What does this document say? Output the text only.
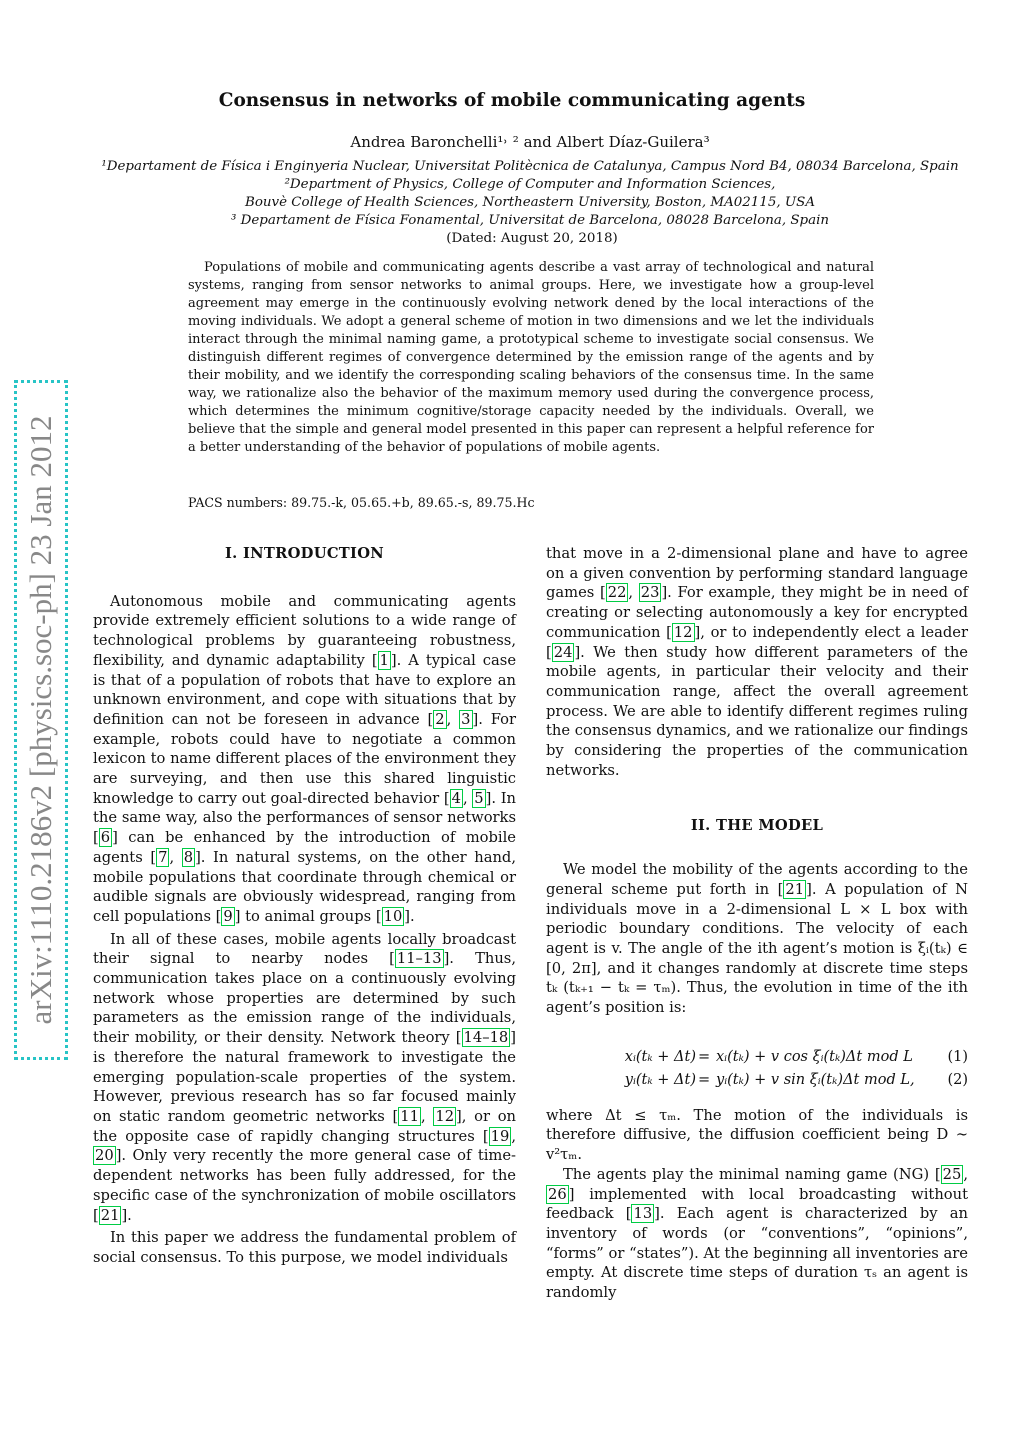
arXiv:1110.2186v2 [physics.soc-ph] 23 Jan 2012
Consensus in networks of mobile communicating agents
Andrea Baronchelli¹˒ ² and Albert Díaz-Guilera³
¹Departament de Física i Enginyeria Nuclear, Universitat Politècnica de Catalunya, Campus Nord B4, 08034 Barcelona, Spain
²Department of Physics, College of Computer and Information Sciences,
Bouvè College of Health Sciences, Northeastern University, Boston, MA02115, USA
³ Departament de Física Fonamental, Universitat de Barcelona, 08028 Barcelona, Spain
(Dated: August 20, 2018)
Populations of mobile and communicating agents describe a vast array of technological and natural systems, ranging from sensor networks to animal groups. Here, we investigate how a group-level agreement may emerge in the continuously evolving network dened by the local interactions of the moving individuals. We adopt a general scheme of motion in two dimensions and we let the individuals interact through the minimal naming game, a prototypical scheme to investigate social consensus. We distinguish different regimes of convergence determined by the emission range of the agents and by their mobility, and we identify the corresponding scaling behaviors of the consensus time. In the same way, we rationalize also the behavior of the maximum memory used during the convergence process, which determines the minimum cognitive/storage capacity needed by the individuals. Overall, we believe that the simple and general model presented in this paper can represent a helpful reference for a better understanding of the behavior of populations of mobile agents.
PACS numbers: 89.75.-k, 05.65.+b, 89.65.-s, 89.75.Hc
I. INTRODUCTION

Autonomous mobile and communicating agents provide extremely efficient solutions to a wide range of technological problems by guaranteeing robustness, flexibility, and dynamic adaptability [ 1 ]. A typical case is that of a population of robots that have to explore an unknown environment, and cope with situations that by definition can not be foreseen in advance [ 2 , 3 ]. For example, robots could have to negotiate a common lexicon to name different places of the environment they are surveying, and then use this shared linguistic knowledge to carry out goal-directed behavior [ 4 , 5 ]. In the same way, also the performances of sensor networks [ 6 ] can be enhanced by the introduction of mobile agents [ 7 , 8 ]. In natural systems, on the other hand, mobile populations that coordinate through chemical or audible signals are obviously widespread, ranging from cell populations [ 9 ] to animal groups [ 10 ].

In all of these cases, mobile agents locally broadcast their signal to nearby nodes [ 11–13 ]. Thus, communication takes place on a continuously evolving network whose properties are determined by such parameters as the emission range of the individuals, their mobility, or their density. Network theory [ 14–18 ] is therefore the natural framework to investigate the emerging population-scale properties of the system. However, previous research has so far focused mainly on static random geometric networks [ 11 , 12 ], or on the opposite case of rapidly changing structures [ 19 , 20 ]. Only very recently the more general case of time-dependent networks has been fully addressed, for the specific case of the synchronization of mobile oscillators [ 21 ].

In this paper we address the fundamental problem of social consensus. To this purpose, we model individuals

that move in a 2-dimensional plane and have to agree on a given convention by performing standard language games [ 22 , 23 ]. For example, they might be in need of creating or selecting autonomously a key for encrypted communication [ 12 ], or to independently elect a leader [ 24 ]. We then study how different parameters of the mobile agents, in particular their velocity and their communication range, affect the overall agreement process. We are able to identify different regimes ruling the consensus dynamics, and we rationalize our findings by considering the properties of the communication networks.

II. THE MODEL

We model the mobility of the agents according to the general scheme put forth in [ 21 ]. A population of N individuals move in a 2-dimensional L × L box with periodic boundary conditions. The velocity of each agent is v. The angle of the ith agent’s motion is ξᵢ(tₖ) ∈ [0, 2π], and it changes randomly at discrete time steps tₖ (tₖ₊₁ − tₖ = τₘ). Thus, the evolution in time of the ith agent’s position is:

xᵢ(tₖ + Δt) = xᵢ(tₖ) + v cos ξᵢ(tₖ)Δt mod L (1)
yᵢ(tₖ + Δt) = yᵢ(tₖ) + v sin ξᵢ(tₖ)Δt mod L, (2)

where Δt ≤ τₘ. The motion of the individuals is therefore diffusive, the diffusion coefficient being D ∼ v²τₘ.

The agents play the minimal naming game (NG) [ 25 , 26 ] implemented with local broadcasting without feedback [ 13 ]. Each agent is characterized by an inventory of words (or “conventions”, “opinions”, “forms” or “states”). At the beginning all inventories are empty. At discrete time steps of duration τₛ an agent is randomly
